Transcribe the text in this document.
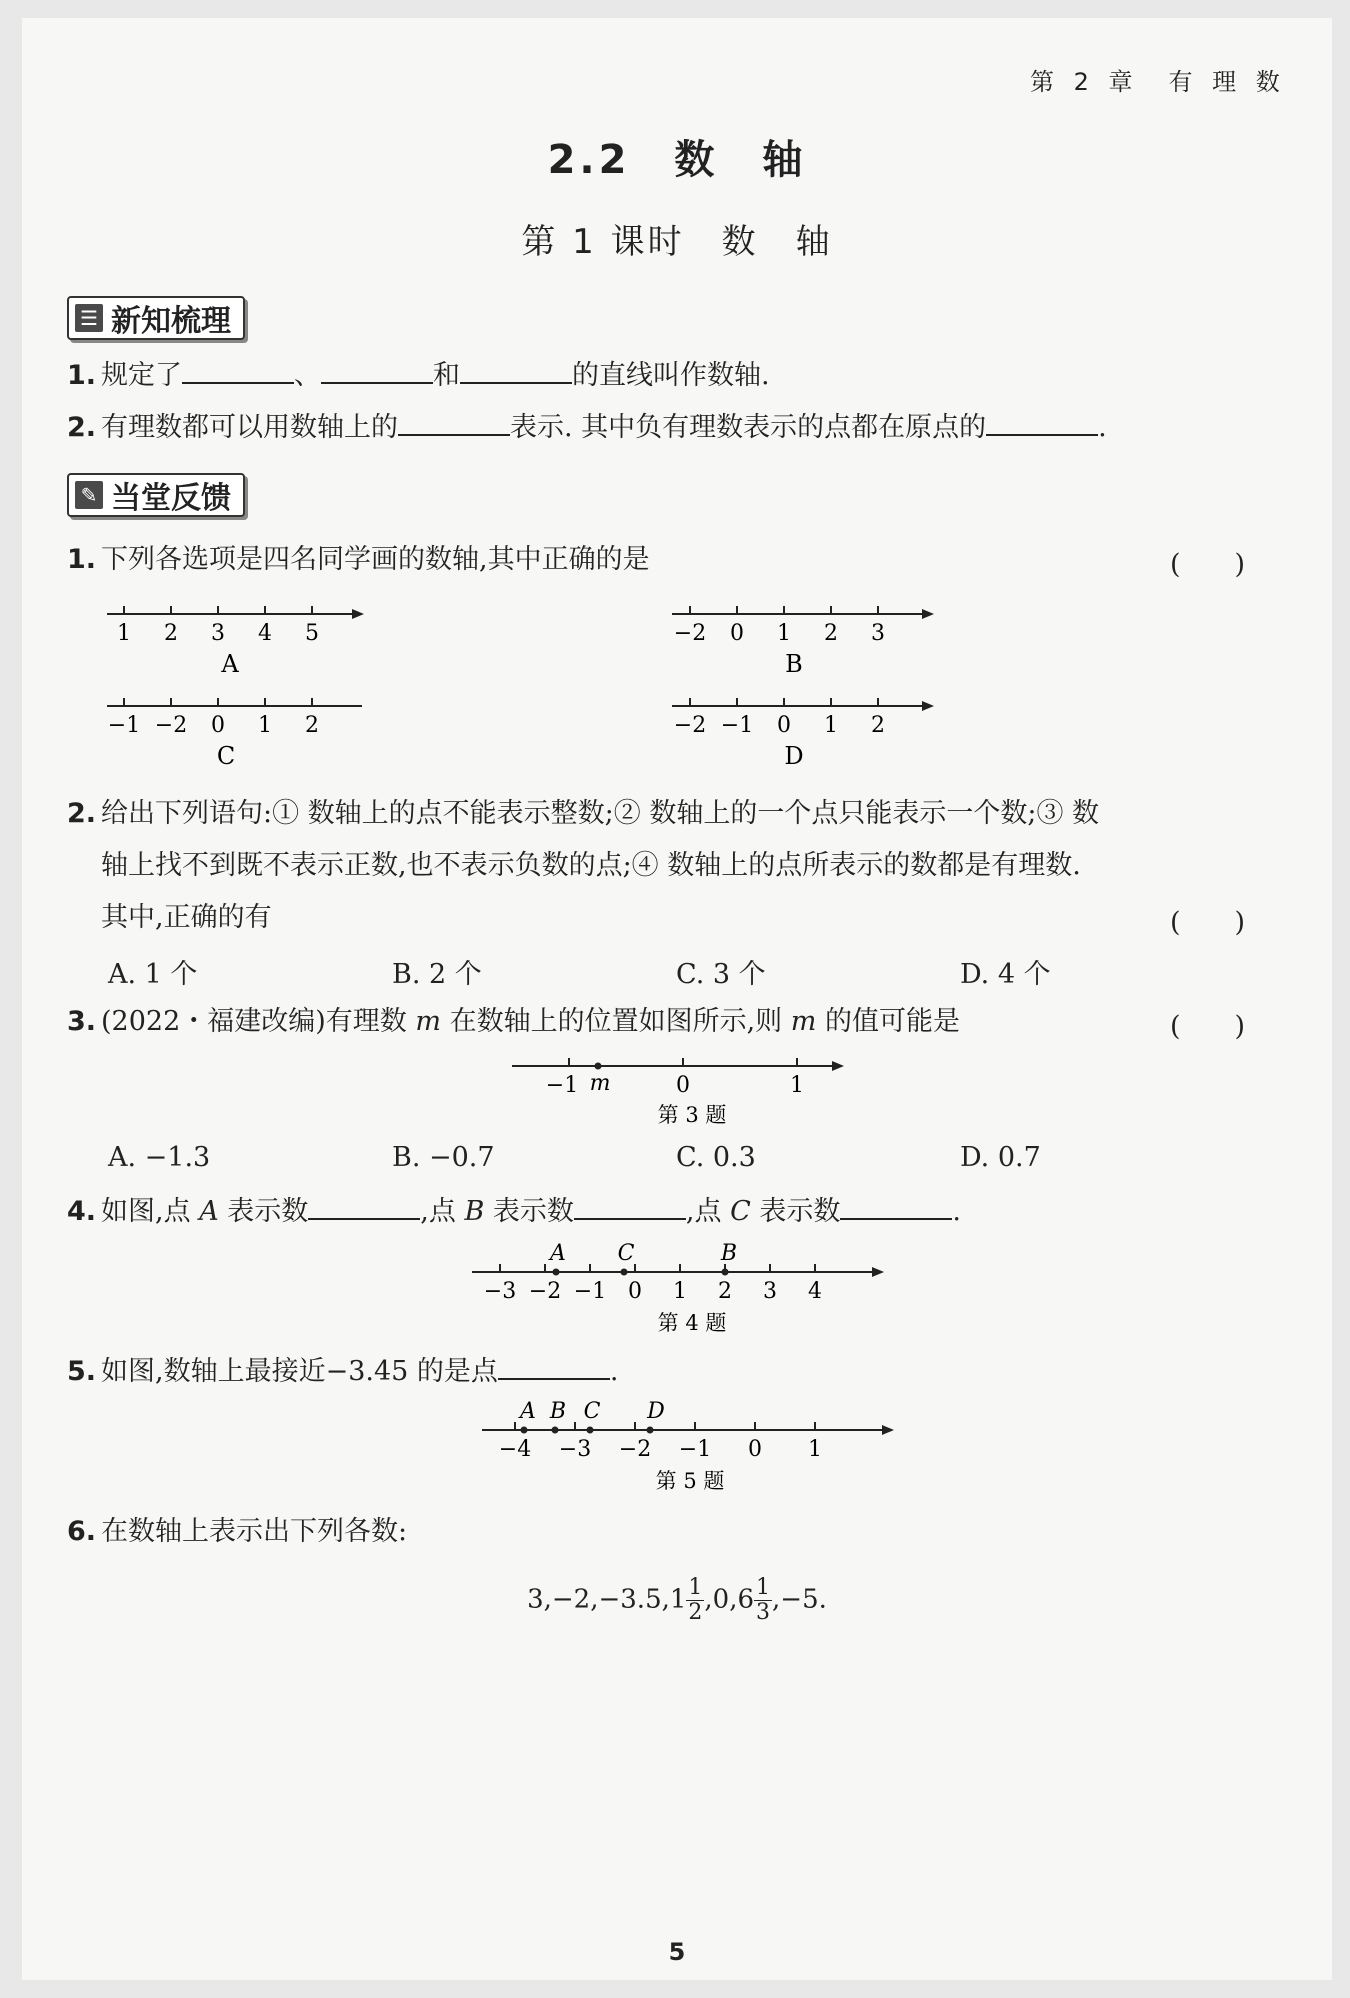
第 2 章　有 理 数
2.2　数　轴
第 1 课时　数　轴
☰ 新知梳理
1. 规定了	、	和	的直线叫作数轴.
2. 有理数都可以用数轴上的	表示. 其中负有理数表示的点都在原点的	.
✎ 当堂反馈
1. 下列各选项是四名同学画的数轴,其中正确的是	(　　)
1 2 3 4 5
A
−2 0 1 2 3
B
−1 −2 0 1 2
C
−2 −1 0 1 2
D
2. 给出下列语句:① 数轴上的点不能表示整数;② 数轴上的一个点只能表示一个数;③ 数
轴上找不到既不表示正数,也不表示负数的点;④ 数轴上的点所表示的数都是有理数.
其中,正确的有	(　　)
A. 1 个	B. 2 个	C. 3 个	D. 4 个
3. (2022・福建改编)有理数 m 在数轴上的位置如图所示,则 m 的值可能是	(　　)
−1	0	1
m
第 3 题
A. −1.3	B. −0.7	C. 0.3	D. 0.7
4. 如图,点 A 表示数	,点 B 表示数	,点 C 表示数	.
A C	B
−3 −2 −1 0 1 2 3 4
第 4 题
5. 如图,数轴上最接近−3.45 的是点	.
A B C D
−4 −3 −2 −1 0 1
第 5 题
6. 在数轴上表示出下列各数:
$3,-2,-3.5,1 \frac{1}{2} ,0,6 \frac{1}{3} ,-5$.
5
